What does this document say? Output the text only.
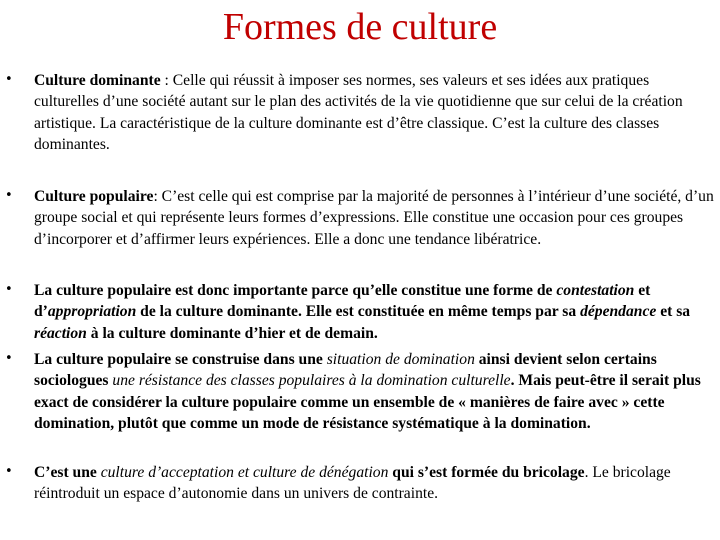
Formes de culture
• Culture dominante : Celle qui réussit à imposer ses normes, ses valeurs et ses idées aux pratiques culturelles d’une société autant sur le plan des activités de la vie quotidienne que sur celui de la création artistique. La caractéristique de la culture dominante est d’être classique. C’est la culture des classes dominantes.

• Culture populaire: C’est celle qui est comprise par la majorité de personnes à l’intérieur d’une société, d’un groupe social et qui représente leurs formes d’expressions. Elle constitue une occasion pour ces groupes d’incorporer et d’affirmer leurs expériences. Elle a donc une tendance libératrice.

• La culture populaire est donc importante parce qu’elle constitue une forme de contestation et d’appropriation de la culture dominante. Elle est constituée en même temps par sa dépendance et sa réaction à la culture dominante d’hier et de demain.

• La culture populaire se construise dans une situation de domination ainsi devient selon certains sociologues une résistance des classes populaires à la domination culturelle. Mais peut-être il serait plus exact de considérer la culture populaire comme un ensemble de « manières de faire avec » cette domination, plutôt que comme un mode de résistance systématique à la domination.

• C’est une culture d’acceptation et culture de dénégation qui s’est formée du bricolage. Le bricolage réintroduit un espace d’autonomie dans un univers de contrainte.
